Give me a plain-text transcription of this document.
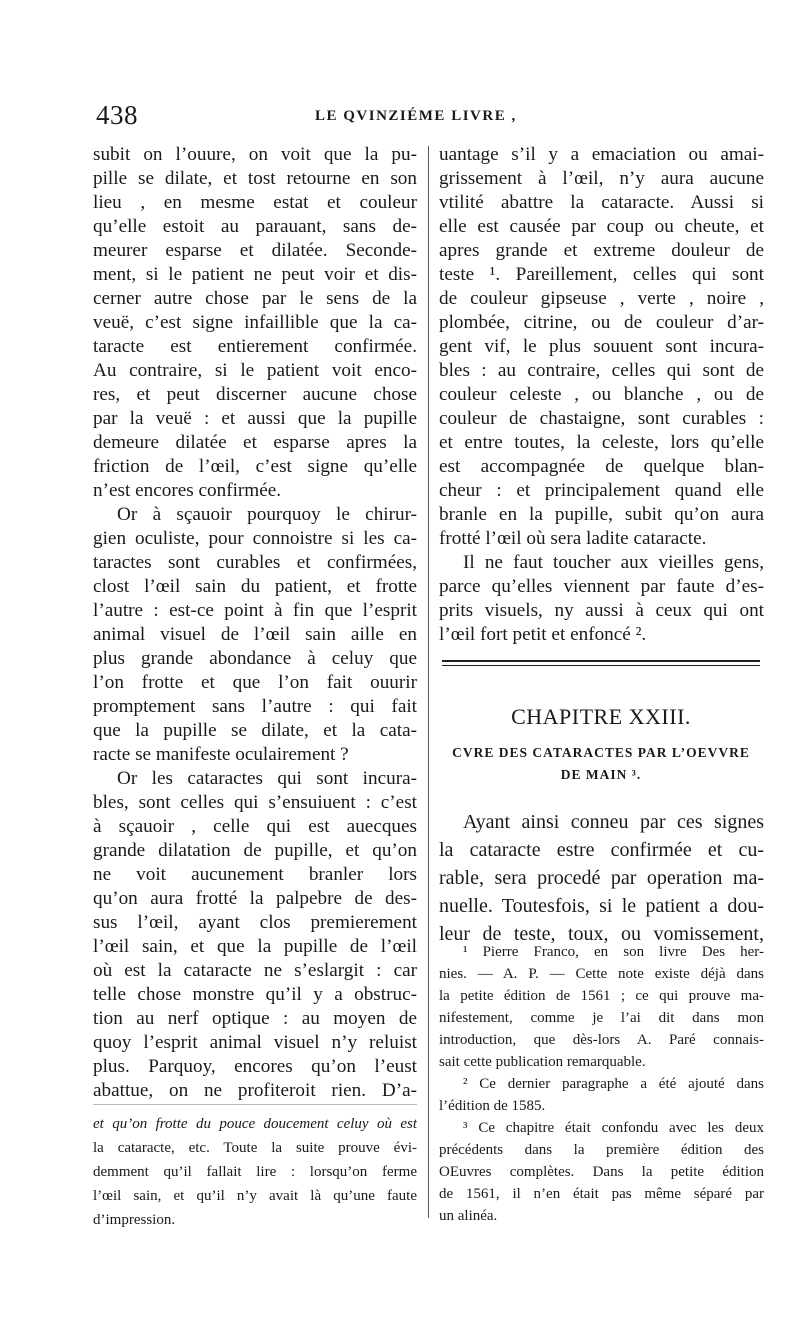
438	LE QVINZIÉME LIVRE ,
subit on l’ouure, on voit que la pu-
pille se dilate, et tost retourne en son
lieu , en mesme estat et couleur
qu’elle estoit au parauant, sans de-
meurer esparse et dilatée. Seconde-
ment, si le patient ne peut voir et dis-
cerner autre chose par le sens de la
veuë, c’est signe infaillible que la ca-
taracte est entierement confirmée.
Au contraire, si le patient voit enco-
res, et peut discerner aucune chose
par la veuë : et aussi que la pupille
demeure dilatée et esparse apres la
friction de l’œil, c’est signe qu’elle
n’est encores confirmée.
Or à sçauoir pourquoy le chirur-
gien oculiste, pour connoistre si les ca-
taractes sont curables et confirmées,
clost l’œil sain du patient, et frotte
l’autre : est-ce point à fin que l’esprit
animal visuel de l’œil sain aille en
plus grande abondance à celuy que
l’on frotte et que l’on fait ouurir
promptement sans l’autre : qui fait
que la pupille se dilate, et la cata-
racte se manifeste oculairement ?
Or les cataractes qui sont incura-
bles, sont celles qui s’ensuiuent : c’est
à sçauoir , celle qui est auecques
grande dilatation de pupille, et qu’on
ne voit aucunement branler lors
qu’on aura frotté la palpebre de des-
sus l’œil, ayant clos premierement
l’œil sain, et que la pupille de l’œil
où est la cataracte ne s’eslargit : car
telle chose monstre qu’il y a obstruc-
tion au nerf optique : au moyen de
quoy l’esprit animal visuel n’y reluist
plus. Parquoy, encores qu’on l’eust
abattue, on ne profiteroit rien. D’a-
et qu’on frotte du pouce doucement celuy où est
la cataracte, etc. Toute la suite prouve évi-
demment qu’il fallait lire : lorsqu’on ferme
l’œil sain, et qu’il n’y avait là qu’une faute
d’impression.
uantage s’il y a emaciation ou amai-
grissement à l’œil, n’y aura aucune
vtilité abattre la cataracte. Aussi si
elle est causée par coup ou cheute, et
apres grande et extreme douleur de
teste ¹. Pareillement, celles qui sont
de couleur gipseuse , verte , noire ,
plombée, citrine, ou de couleur d’ar-
gent vif, le plus souuent sont incura-
bles : au contraire, celles qui sont de
couleur celeste , ou blanche , ou de
couleur de chastaigne, sont curables :
et entre toutes, la celeste, lors qu’elle
est accompagnée de quelque blan-
cheur : et principalement quand elle
branle en la pupille, subit qu’on aura
frotté l’œil où sera ladite cataracte.
Il ne faut toucher aux vieilles gens,
parce qu’elles viennent par faute d’es-
prits visuels, ny aussi à ceux qui ont
l’œil fort petit et enfoncé ².
CHAPITRE XXIII.
CVRE DES CATARACTES PAR L’OEVVRE
DE MAIN ³.
Ayant ainsi conneu par ces signes
la cataracte estre confirmée et cu-
rable, sera procedé par operation ma-
nuelle. Toutesfois, si le patient a dou-
leur de teste, toux, ou vomissement,
¹ Pierre Franco, en son livre Des her-
nies. — A. P. — Cette note existe déjà dans
la petite édition de 1561 ; ce qui prouve ma-
nifestement, comme je l’ai dit dans mon
introduction, que dès-lors A. Paré connais-
sait cette publication remarquable.
² Ce dernier paragraphe a été ajouté dans
l’édition de 1585.
³ Ce chapitre était confondu avec les deux
précédents dans la première édition des
OEuvres complètes. Dans la petite édition
de 1561, il n’en était pas même séparé par
un alinéa.
